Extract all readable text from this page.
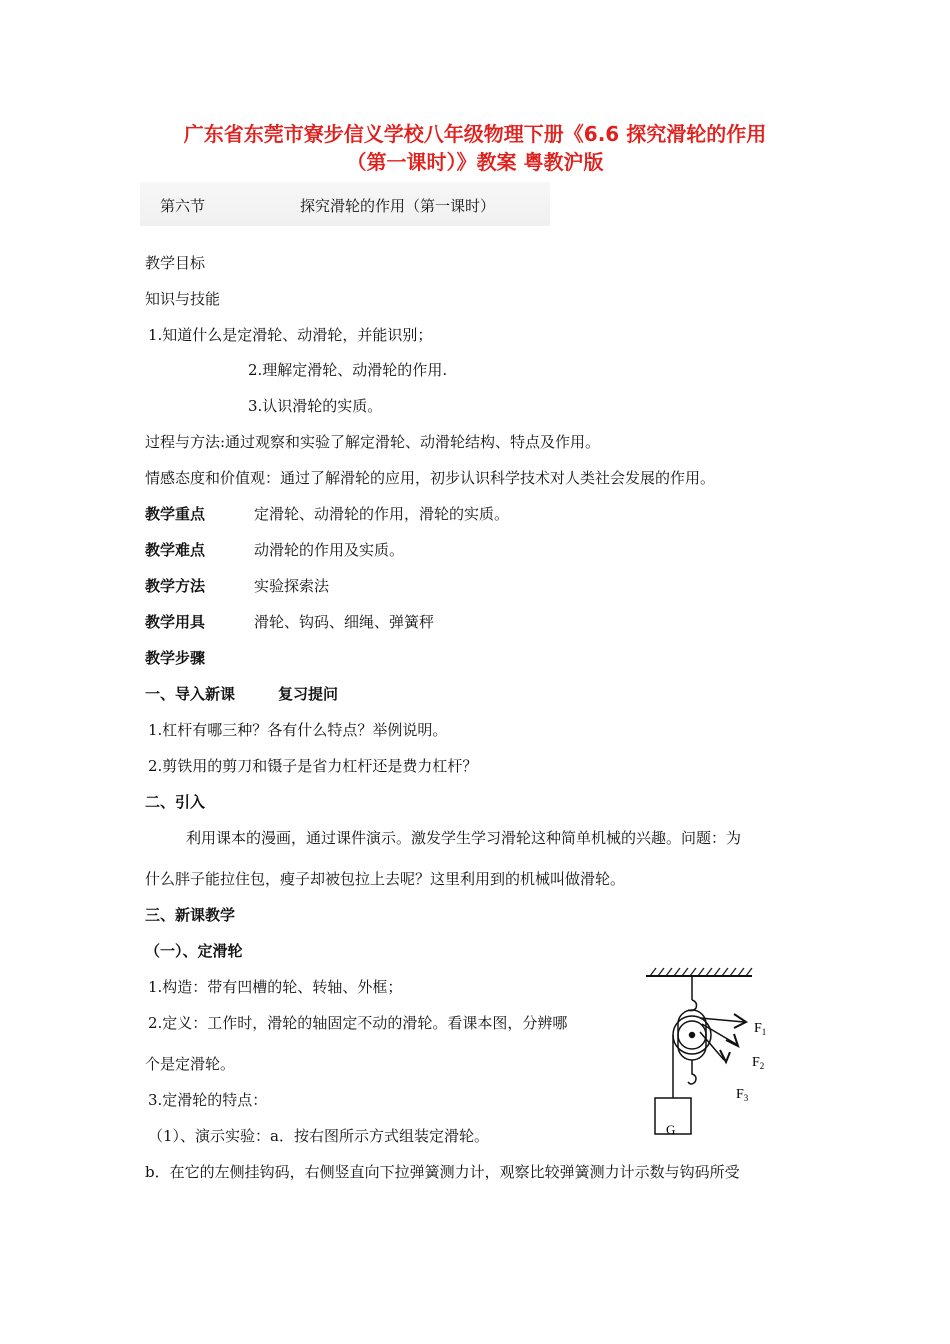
广东省东莞市寮步信义学校八年级物理下册《6.6 探究滑轮的作用
（第一课时）》教案 粤教沪版
第六节	探究滑轮的作用（第一课时）
教学目标
知识与技能
1.知道什么是定滑轮、动滑轮，并能识别；
2.理解定滑轮、动滑轮的作用.
3.认识滑轮的实质。
过程与方法:通过观察和实验了解定滑轮、动滑轮结构、特点及作用。
情感态度和价值观：通过了解滑轮的应用，初步认识科学技术对人类社会发展的作用。
教学重点	定滑轮、动滑轮的作用，滑轮的实质。
教学难点	动滑轮的作用及实质。
教学方法	实验探索法
教学用具	滑轮、钩码、细绳、弹簧秤
教学步骤
一、导入新课	复习提问
1.杠杆有哪三种？各有什么特点？举例说明。
2.剪铁用的剪刀和镊子是省力杠杆还是费力杠杆？
二、引入
利用课本的漫画，通过课件演示。激发学生学习滑轮这种简单机械的兴趣。问题：为
什么胖子能拉住包，瘦子却被包拉上去呢？这里利用到的机械叫做滑轮。
三、新课教学
（一）、定滑轮
1.构造：带有凹槽的轮、转轴、外框；
2.定义：工作时，滑轮的轴固定不动的滑轮。看课本图，分辨哪
个是定滑轮。
3.定滑轮的特点：
（1）、演示实验：a．按右图所示方式组装定滑轮。
b．在它的左侧挂钩码，右侧竖直向下拉弹簧测力计，观察比较弹簧测力计示数与钩码所受
G
$F_1$
$F_2$
$F_3$
